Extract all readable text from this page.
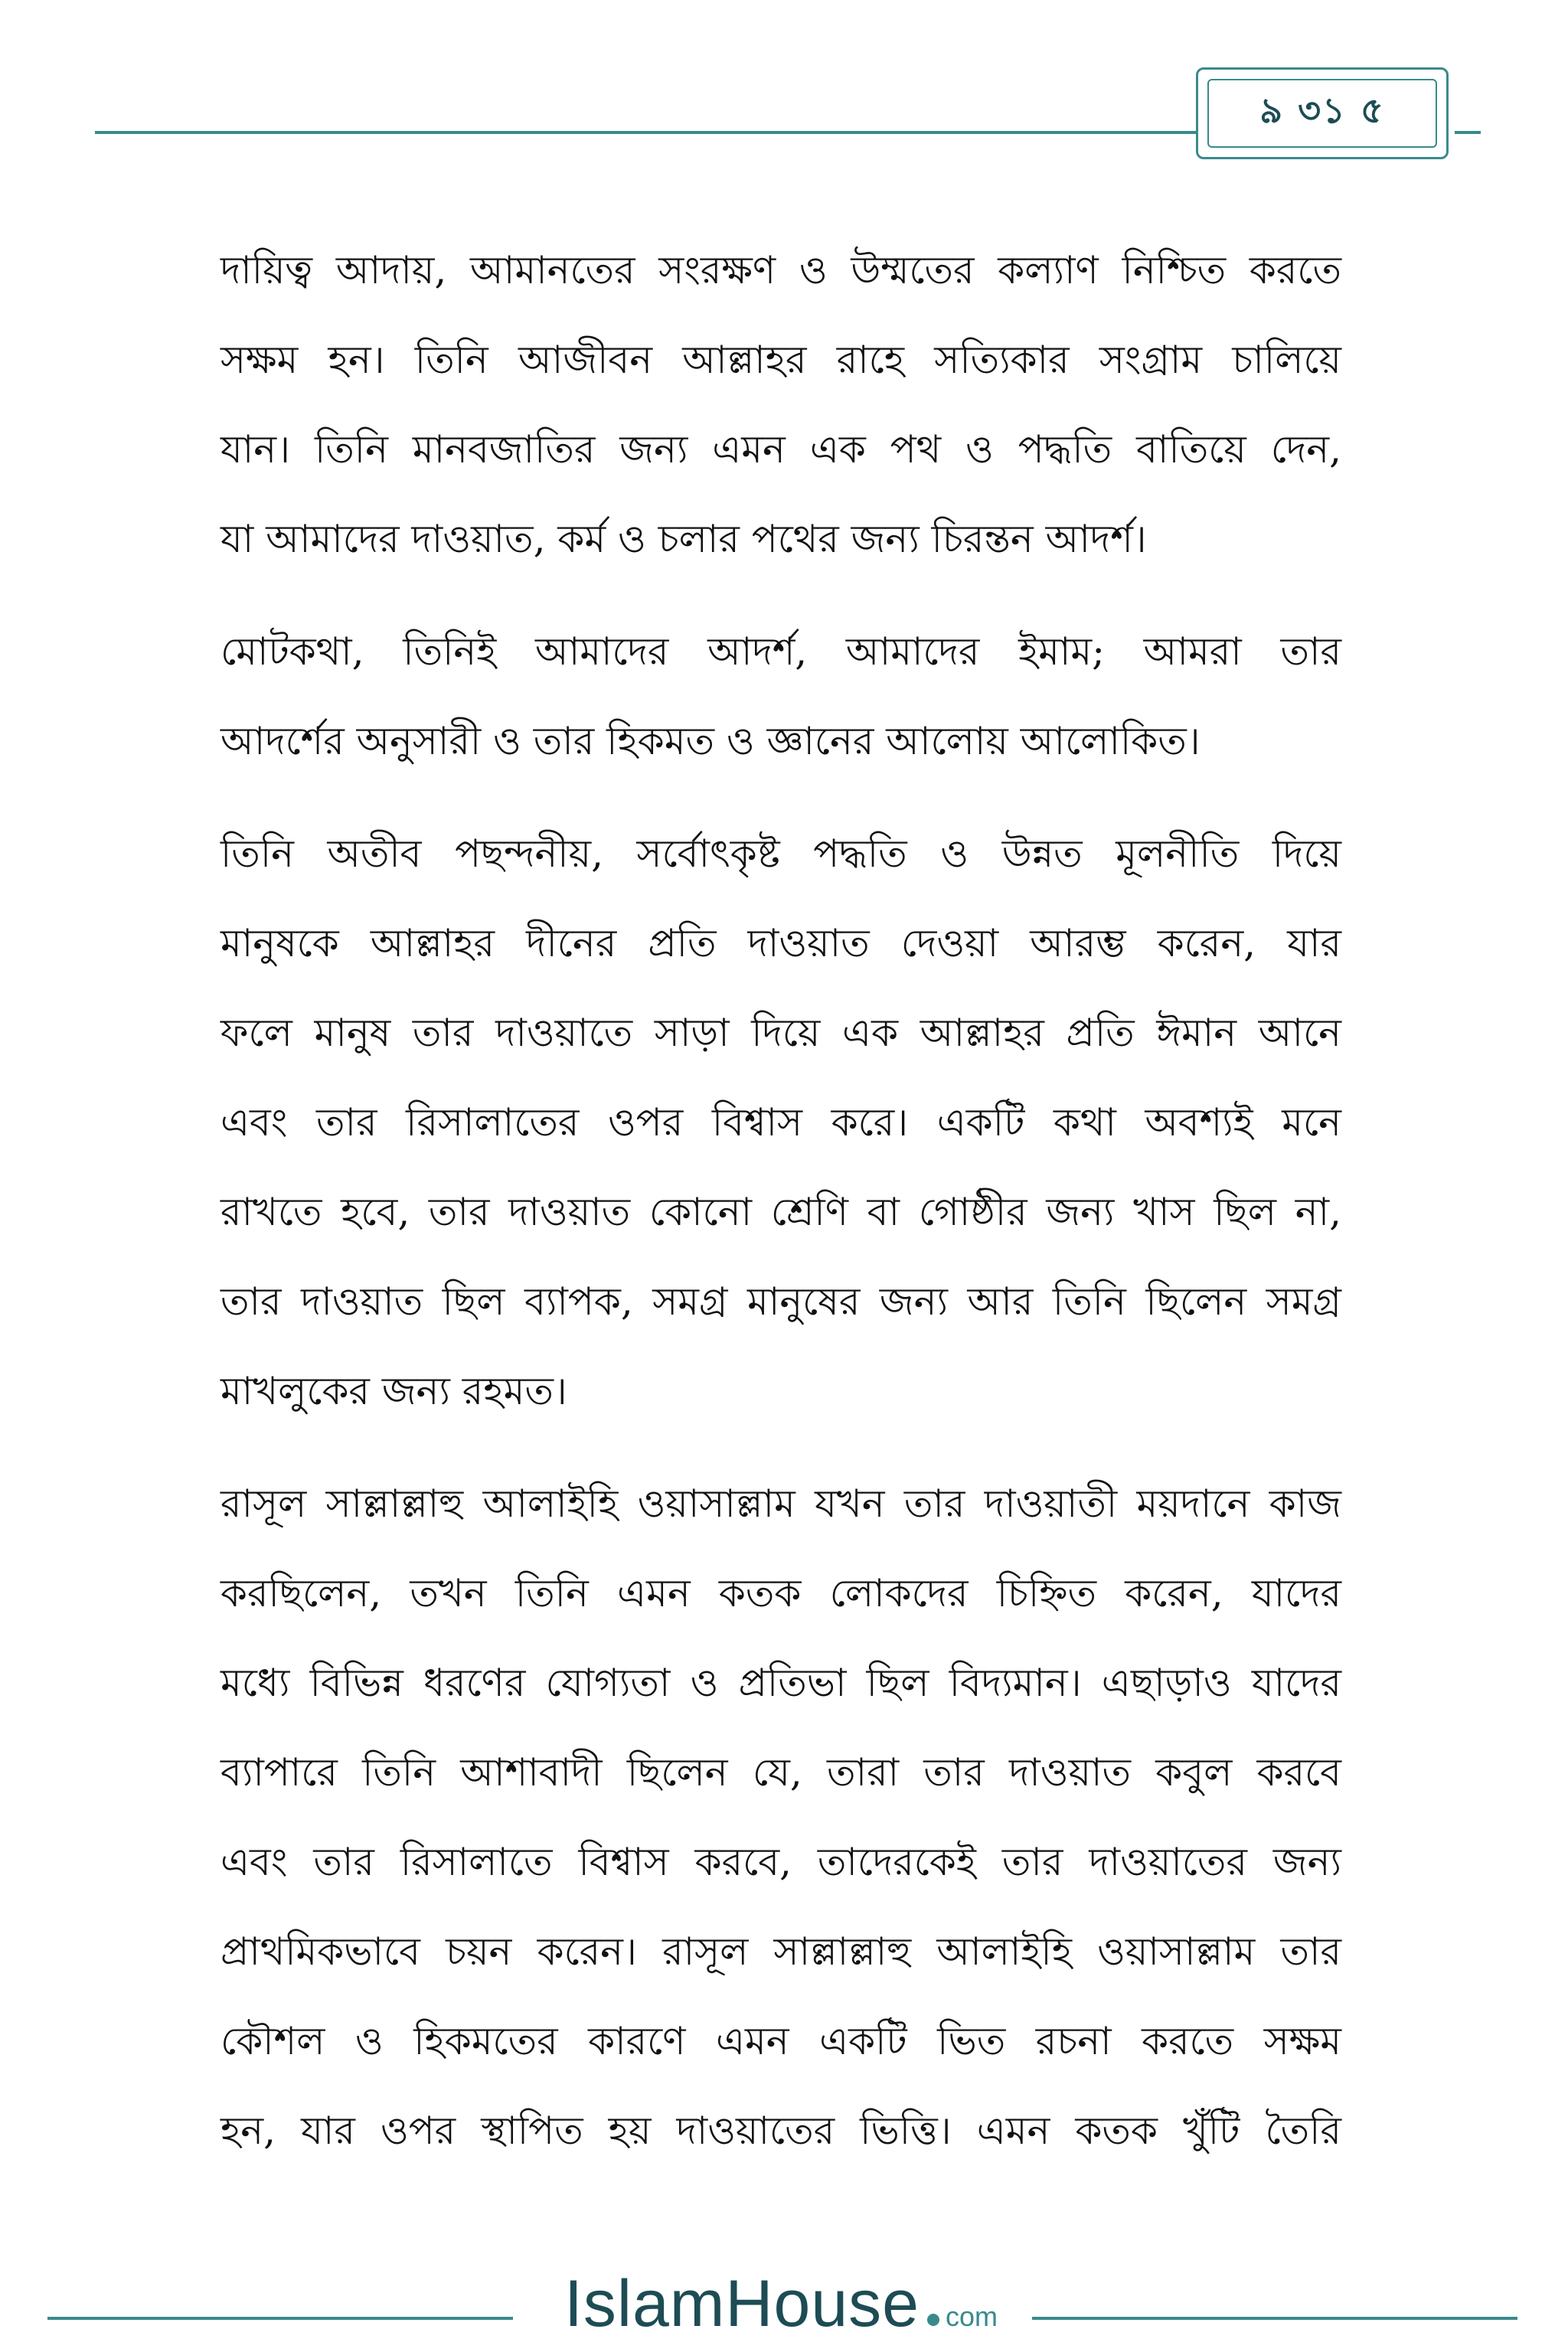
৯ ৩১ ৫

দায়িত্ব আদায়, আমানতের সংরক্ষণ ও উম্মতের কল্যাণ নিশ্চিত করতে
সক্ষম হন। তিনি আজীবন আল্লাহর রাহে সত্যিকার সংগ্রাম চালিয়ে
যান। তিনি মানবজাতির জন্য এমন এক পথ ও পদ্ধতি বাতিয়ে দেন,
যা আমাদের দাওয়াত, কর্ম ও চলার পথের জন্য চিরন্তন আদর্শ।

মোটকথা, তিনিই আমাদের আদর্শ, আমাদের ইমাম; আমরা তার
আদর্শের অনুসারী ও তার হিকমত ও জ্ঞানের আলোয় আলোকিত।

তিনি অতীব পছন্দনীয়, সর্বোৎকৃষ্ট পদ্ধতি ও উন্নত মূলনীতি দিয়ে
মানুষকে আল্লাহর দীনের প্রতি দাওয়াত দেওয়া আরম্ভ করেন, যার
ফলে মানুষ তার দাওয়াতে সাড়া দিয়ে এক আল্লাহর প্রতি ঈমান আনে
এবং তার রিসালাতের ওপর বিশ্বাস করে। একটি কথা অবশ্যই মনে
রাখতে হবে, তার দাওয়াত কোনো শ্রেণি বা গোষ্ঠীর জন্য খাস ছিল না,
তার দাওয়াত ছিল ব্যাপক, সমগ্র মানুষের জন্য আর তিনি ছিলেন সমগ্র
মাখলুকের জন্য রহমত।

রাসূল সাল্লাল্লাহু আলাইহি ওয়াসাল্লাম যখন তার দাওয়াতী ময়দানে কাজ
করছিলেন, তখন তিনি এমন কতক লোকদের চিহ্নিত করেন, যাদের
মধ্যে বিভিন্ন ধরণের যোগ্যতা ও প্রতিভা ছিল বিদ্যমান। এছাড়াও যাদের
ব্যাপারে তিনি আশাবাদী ছিলেন যে, তারা তার দাওয়াত কবুল করবে
এবং তার রিসালাতে বিশ্বাস করবে, তাদেরকেই তার দাওয়াতের জন্য
প্রাথমিকভাবে চয়ন করেন। রাসূল সাল্লাল্লাহু আলাইহি ওয়াসাল্লাম তার
কৌশল ও হিকমতের কারণে এমন একটি ভিত রচনা করতে সক্ষম
হন, যার ওপর স্থাপিত হয় দাওয়াতের ভিত্তি। এমন কতক খুঁটি তৈরি

IslamHouse com
